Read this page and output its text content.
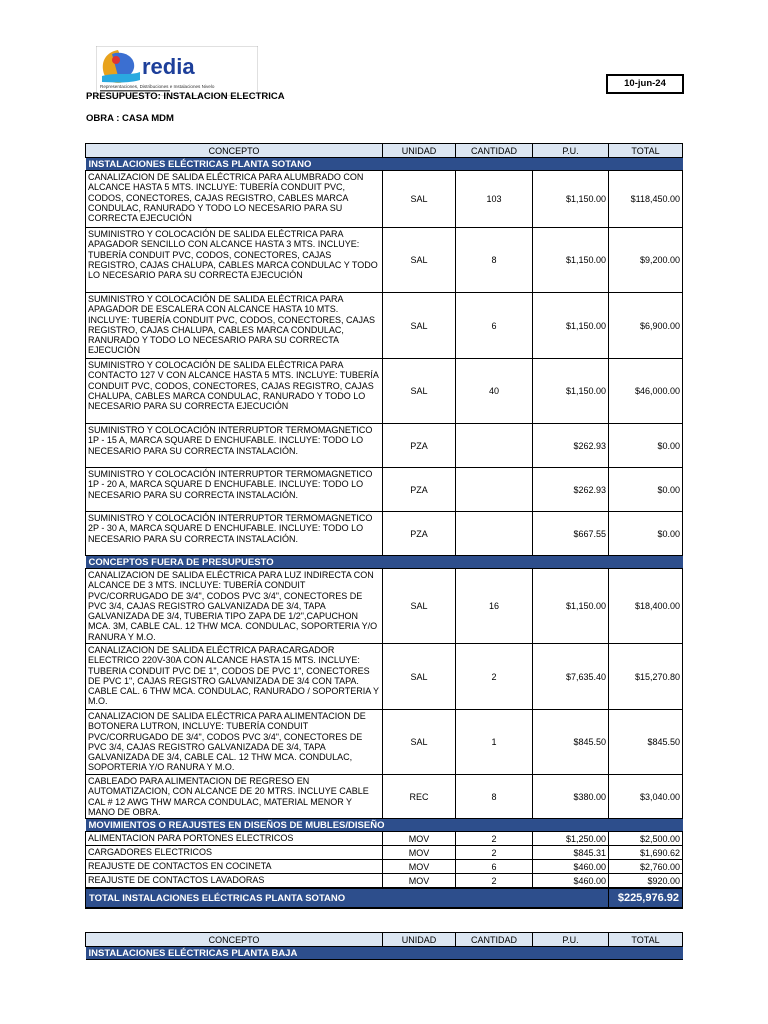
redia
Representaciones, Distribuciones e Instalaciones Nivelo	10-jun-24
PRESUPUESTO: INSTALACION ELECTRICA
OBRA : CASA MDM
CONCEPTO	UNIDAD	CANTIDAD	P.U.	TOTAL
INSTALACIONES ELÉCTRICAS PLANTA SOTANO				
CANALIZACION DE SALIDA ELÉCTRICA PARA ALUMBRADO CON ALCANCE HASTA 5 MTS. INCLUYE: TUBERÍA CONDUIT PVC, CODOS, CONECTORES, CAJAS REGISTRO, CABLES MARCA CONDULAC, RANURADO Y TODO LO NECESARIO PARA SU CORRECTA EJECUCIÓN	SAL	103	$1,150.00	$118,450.00
SUMINISTRO Y COLOCACIÓN DE SALIDA ELÉCTRICA PARA APAGADOR SENCILLO CON ALCANCE HASTA 3 MTS. INCLUYE: TUBERÍA CONDUIT PVC, CODOS, CONECTORES, CAJAS REGISTRO, CAJAS CHALUPA, CABLES MARCA CONDULAC Y TODO LO NECESARIO PARA SU CORRECTA EJECUCIÓN	SAL	8	$1,150.00	$9,200.00
SUMINISTRO Y COLOCACIÓN DE SALIDA ELÉCTRICA PARA APAGADOR DE ESCALERA CON ALCANCE HASTA 10 MTS. INCLUYE: TUBERÍA CONDUIT PVC, CODOS, CONECTORES, CAJAS REGISTRO, CAJAS CHALUPA, CABLES MARCA CONDULAC, RANURADO Y TODO LO NECESARIO PARA SU CORRECTA EJECUCIÓN	SAL	6	$1,150.00	$6,900.00
SUMINISTRO Y COLOCACIÓN DE SALIDA ELÉCTRICA PARA CONTACTO 127 V CON ALCANCE HASTA 5 MTS. INCLUYE: TUBERÍA CONDUIT PVC, CODOS, CONECTORES, CAJAS REGISTRO, CAJAS CHALUPA, CABLES MARCA CONDULAC, RANURADO Y TODO LO NECESARIO PARA SU CORRECTA EJECUCIÓN	SAL	40	$1,150.00	$46,000.00
SUMINISTRO Y COLOCACIÓN INTERRUPTOR TERMOMAGNETICO 1P - 15 A, MARCA SQUARE D ENCHUFABLE. INCLUYE: TODO LO NECESARIO PARA SU CORRECTA INSTALACIÓN.	PZA		$262.93	$0.00
SUMINISTRO Y COLOCACIÓN INTERRUPTOR TERMOMAGNETICO 1P - 20 A, MARCA SQUARE D ENCHUFABLE. INCLUYE: TODO LO NECESARIO PARA SU CORRECTA INSTALACIÓN.	PZA		$262.93	$0.00
SUMINISTRO Y COLOCACIÓN INTERRUPTOR TERMOMAGNETICO 2P - 30 A, MARCA SQUARE D ENCHUFABLE. INCLUYE: TODO LO NECESARIO PARA SU CORRECTA INSTALACIÓN.	PZA		$667.55	$0.00
CONCEPTOS FUERA DE PRESUPUESTO				
CANALIZACION DE SALIDA ELÉCTRICA PARA LUZ INDIRECTA CON ALCANCE DE 3 MTS. INCLUYE: TUBERÍA CONDUIT PVC/CORRUGADO DE 3/4", CODOS PVC 3/4", CONECTORES DE PVC 3/4, CAJAS REGISTRO GALVANIZADA DE 3/4, TAPA GALVANIZADA DE 3/4, TUBERIA TIPO ZAPA DE 1/2",CAPUCHON MCA. 3M, CABLE CAL. 12 THW MCA. CONDULAC, SOPORTERIA Y/O RANURA Y M.O.	SAL	16	$1,150.00	$18,400.00
CANALIZACION DE SALIDA ELÉCTRICA PARACARGADOR ELECTRICO 220V-30A CON ALCANCE HASTA 15 MTS. INCLUYE: TUBERIA CONDUIT PVC DE 1", CODOS DE PVC 1", CONECTORES DE PVC 1", CAJAS REGISTRO GALVANIZADA DE 3/4 CON TAPA. CABLE CAL. 6 THW MCA. CONDULAC, RANURADO / SOPORTERIA Y M.O.	SAL	2	$7,635.40	$15,270.80
CANALIZACION DE SALIDA ELÉCTRICA PARA ALIMENTACION DE BOTONERA LUTRON, INCLUYE: TUBERÍA CONDUIT PVC/CORRUGADO DE 3/4", CODOS PVC 3/4", CONECTORES DE PVC 3/4, CAJAS REGISTRO GALVANIZADA DE 3/4, TAPA GALVANIZADA DE 3/4, CABLE CAL. 12 THW MCA. CONDULAC, SOPORTERIA Y/O RANURA Y M.O.	SAL	1	$845.50	$845.50
CABLEADO PARA ALIMENTACION DE REGRESO EN AUTOMATIZACION, CON ALCANCE DE 20 MTRS. INCLUYE CABLE CAL # 12 AWG THW MARCA CONDULAC, MATERIAL MENOR Y MANO DE OBRA.	REC	8	$380.00	$3,040.00
MOVIMIENTOS O REAJUSTES EN DISEÑOS DE MUBLES/DISEÑO				
ALIMENTACION PARA PORTONES ELECTRICOS	MOV	2	$1,250.00	$2,500.00
CARGADORES ELECTRICOS	MOV	2	$845.31	$1,690.62
REAJUSTE DE CONTACTOS EN COCINETA	MOV	6	$460.00	$2,760.00
REAJUSTE DE CONTACTOS LAVADORAS	MOV	2	$460.00	$920.00
TOTAL INSTALACIONES ELÉCTRICAS PLANTA SOTANO				$225,976.92
CONCEPTO	UNIDAD	CANTIDAD	P.U.	TOTAL
INSTALACIONES ELÉCTRICAS PLANTA BAJA
